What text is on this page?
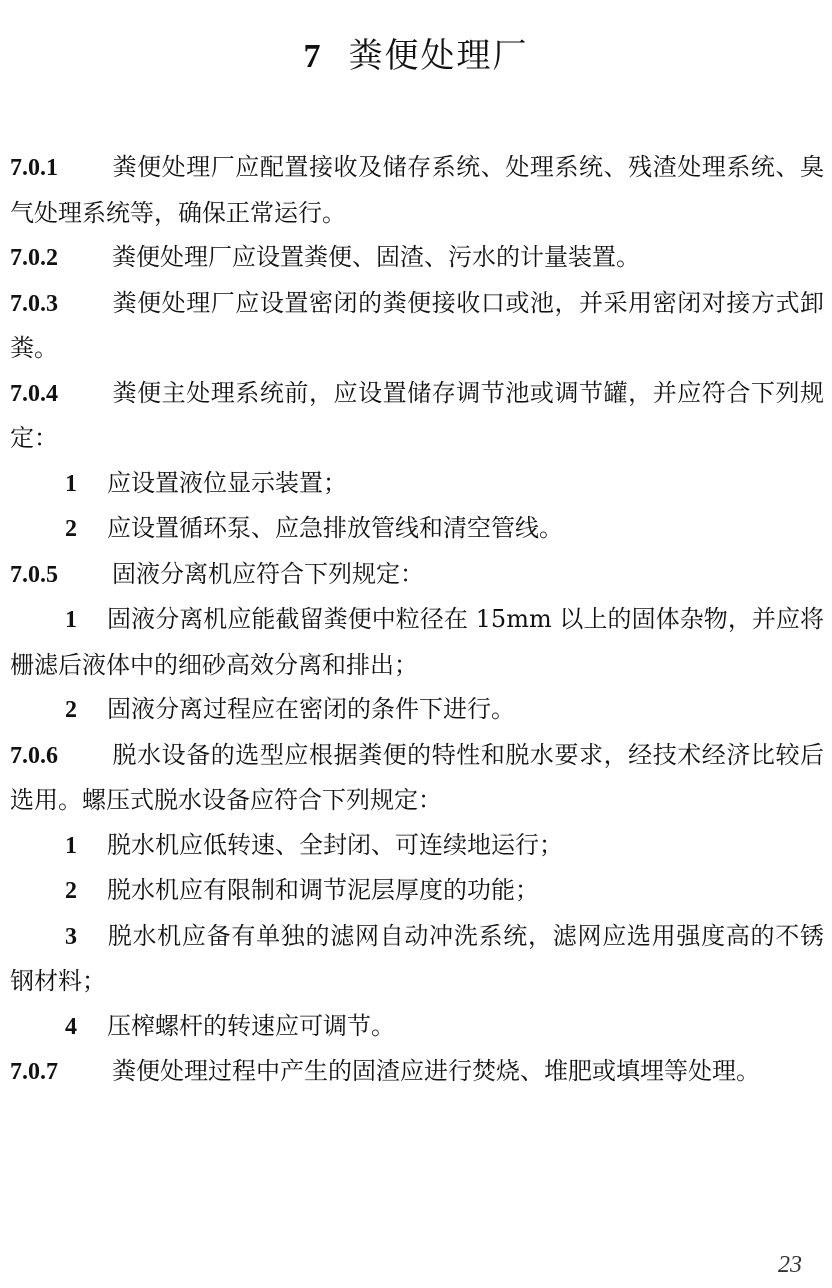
7 粪便处理厂

7.0.1 粪便处理厂应配置接收及储存系统、处理系统、残渣处理系统、臭气处理系统等，确保正常运行。

7.0.2 粪便处理厂应设置粪便、固渣、污水的计量装置。

7.0.3 粪便处理厂应设置密闭的粪便接收口或池，并采用密闭对接方式卸粪。

7.0.4 粪便主处理系统前，应设置储存调节池或调节罐，并应符合下列规定：

1 应设置液位显示装置；

2 应设置循环泵、应急排放管线和清空管线。

7.0.5 固液分离机应符合下列规定：

1 固液分离机应能截留粪便中粒径在 15mm 以上的固体杂物，并应将栅滤后液体中的细砂高效分离和排出；

2 固液分离过程应在密闭的条件下进行。

7.0.6 脱水设备的选型应根据粪便的特性和脱水要求，经技术经济比较后选用。螺压式脱水设备应符合下列规定：

1 脱水机应低转速、全封闭、可连续地运行；

2 脱水机应有限制和调节泥层厚度的功能；

3 脱水机应备有单独的滤网自动冲洗系统，滤网应选用强度高的不锈钢材料；

4 压榨螺杆的转速应可调节。

7.0.7 粪便处理过程中产生的固渣应进行焚烧、堆肥或填埋等处理。

23
